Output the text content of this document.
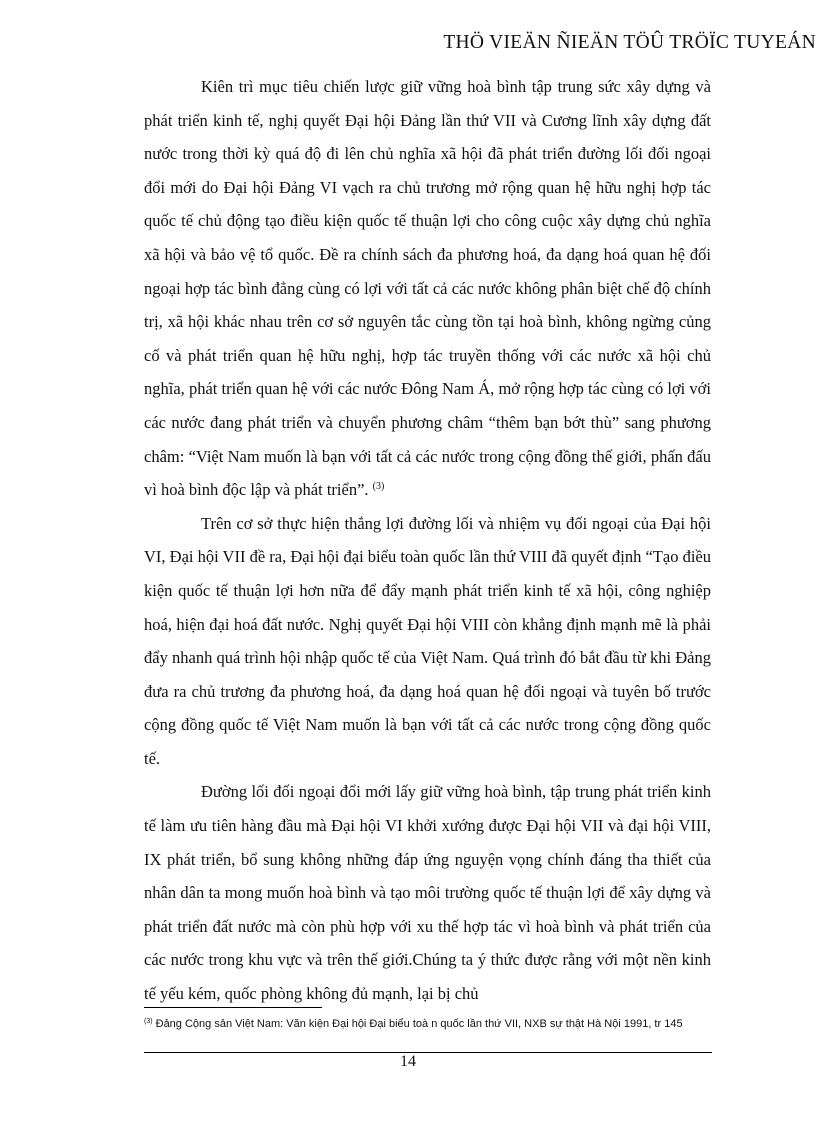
THÖ VIEÄN ÑIEÄN TÖÛ TRÖÏC TUYEÁN

Kiên trì mục tiêu chiến lược giữ vững hoà bình tập trung sức xây dựng và phát triển kinh tế, nghị quyết Đại hội Đảng lần thứ VII và Cương lĩnh xây dựng đất nước trong thời kỳ quá độ đi lên chủ nghĩa xã hội đã phát triển đường lối đối ngoại đổi mới do Đại hội Đảng VI vạch ra chủ trương mở rộng quan hệ hữu nghị hợp tác quốc tế chủ động tạo điều kiện quốc tế thuận lợi cho công cuộc xây dựng chủ nghĩa xã hội và bảo vệ tổ quốc. Đề ra chính sách đa phương hoá, đa dạng hoá quan hệ đối ngoại hợp tác bình đẳng cùng có lợi với tất cả các nước không phân biệt chế độ chính trị, xã hội khác nhau trên cơ sở nguyên tắc cùng tồn tại hoà bình, không ngừng củng cố và phát triển quan hệ hữu nghị, hợp tác truyền thống với các nước xã hội chủ nghĩa, phát triển quan hệ với các nước Đông Nam Á, mở rộng hợp tác cùng có lợi với các nước đang phát triển và chuyển phương châm “thêm bạn bớt thù” sang phương châm: “Việt Nam muốn là bạn với tất cả các nước trong cộng đồng thế giới, phấn đấu vì hoà bình độc lập và phát triển”. $^{(3)}$

Trên cơ sở thực hiện thắng lợi đường lối và nhiệm vụ đối ngoại của Đại hội VI, Đại hội VII đề ra, Đại hội đại biểu toàn quốc lần thứ VIII đã quyết định “Tạo điều kiện quốc tế thuận lợi hơn nữa để đẩy mạnh phát triển kinh tế xã hội, công nghiệp hoá, hiện đại hoá đất nước. Nghị quyết Đại hội VIII còn khẳng định mạnh mẽ là phải đẩy nhanh quá trình hội nhập quốc tế của Việt Nam. Quá trình đó bắt đầu từ khi Đảng đưa ra chủ trương đa phương hoá, đa dạng hoá quan hệ đối ngoại và tuyên bố trước cộng đồng quốc tế Việt Nam muốn là bạn với tất cả các nước trong cộng đồng quốc tế.

Đường lối đối ngoại đổi mới lấy giữ vững hoà bình, tập trung phát triển kinh tế làm ưu tiên hàng đầu mà Đại hội VI khởi xướng được Đại hội VII và đại hội VIII, IX phát triển, bổ sung không những đáp ứng nguyện vọng chính đáng tha thiết của nhân dân ta mong muốn hoà bình và tạo môi trường quốc tế thuận lợi để xây dựng và phát triển đất nước mà còn phù hợp với xu thế hợp tác vì hoà bình và phát triển của các nước trong khu vực và trên thế giới.Chúng ta ý thức được rằng với một nền kinh tế yếu kém, quốc phòng không đủ mạnh, lại bị chủ

$^{(3)}$ Đảng Cộng sản Việt Nam: Văn kiện Đại hội Đại biểu toà n quốc lần thứ VII, NXB sự thật Hà Nội 1991, tr 145
14
